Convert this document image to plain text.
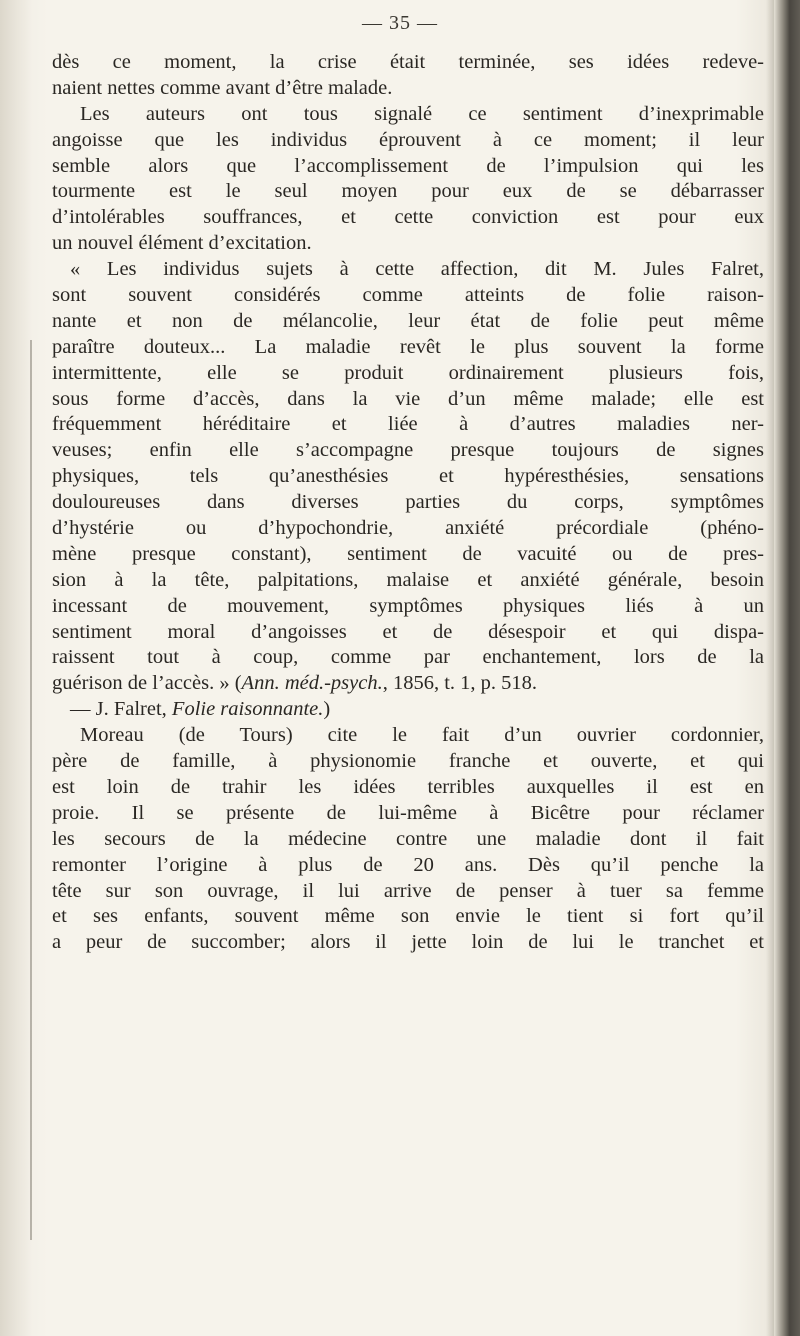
— 35 —
dès ce moment, la crise était terminée, ses idées redeve-
naient nettes comme avant d’être malade.
Les auteurs ont tous signalé ce sentiment d’inexprimable
angoisse que les individus éprouvent à ce moment; il leur
semble alors que l’accomplissement de l’impulsion qui les
tourmente est le seul moyen pour eux de se débarrasser
d’intolérables souffrances, et cette conviction est pour eux
un nouvel élément d’excitation.
« Les individus sujets à cette affection, dit M. Jules Falret,
sont souvent considérés comme atteints de folie raison-
nante et non de mélancolie, leur état de folie peut même
paraître douteux... La maladie revêt le plus souvent la forme
intermittente, elle se produit ordinairement plusieurs fois,
sous forme d’accès, dans la vie d’un même malade; elle est
fréquemment héréditaire et liée à d’autres maladies ner-
veuses; enfin elle s’accompagne presque toujours de signes
physiques, tels qu’anesthésies et hypéresthésies, sensations
douloureuses dans diverses parties du corps, symptômes
d’hystérie ou d’hypochondrie, anxiété précordiale (phéno-
mène presque constant), sentiment de vacuité ou de pres-
sion à la tête, palpitations, malaise et anxiété générale, besoin
incessant de mouvement, symptômes physiques liés à un
sentiment moral d’angoisses et de désespoir et qui dispa-
raissent tout à coup, comme par enchantement, lors de la
guérison de l’accès. » (Ann. méd.-psych., 1856, t. 1, p. 518.
— J. Falret, Folie raisonnante.)
Moreau (de Tours) cite le fait d’un ouvrier cordonnier,
père de famille, à physionomie franche et ouverte, et qui
est loin de trahir les idées terribles auxquelles il est en
proie. Il se présente de lui-même à Bicêtre pour réclamer
les secours de la médecine contre une maladie dont il fait
remonter l’origine à plus de 20 ans. Dès qu’il penche la
tête sur son ouvrage, il lui arrive de penser à tuer sa femme
et ses enfants, souvent même son envie le tient si fort qu’il
a peur de succomber; alors il jette loin de lui le tranchet et
